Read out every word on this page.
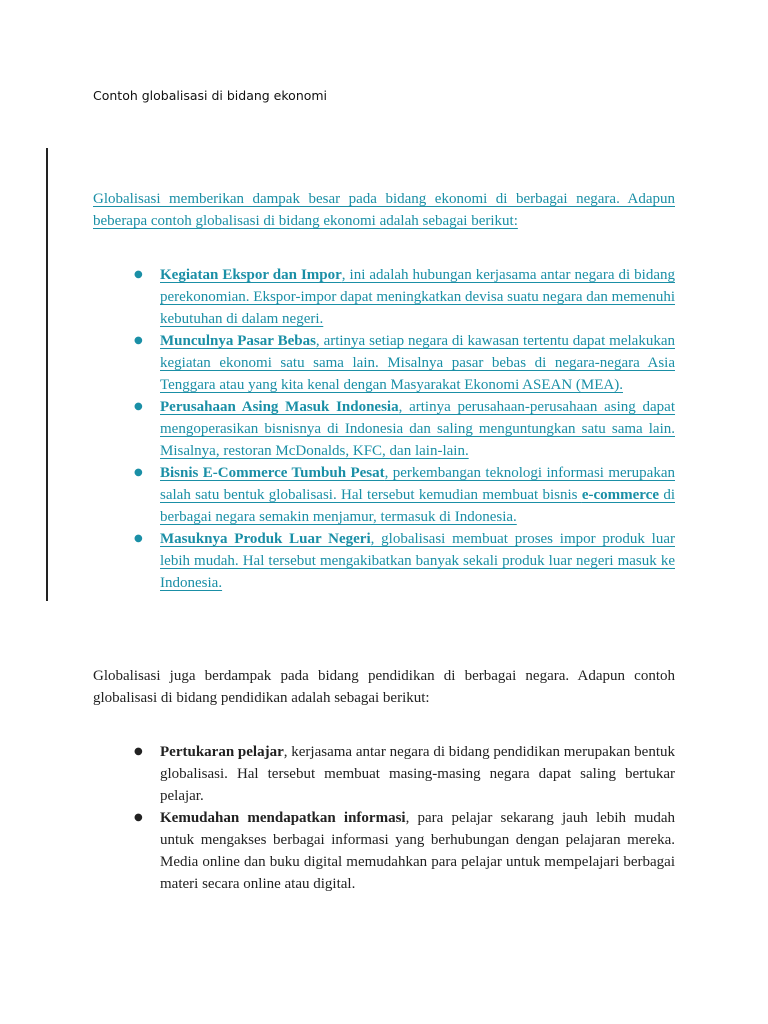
Contoh globalisasi di bidang ekonomi

Globalisasi memberikan dampak besar pada bidang ekonomi di berbagai negara. Adapun beberapa contoh globalisasi di bidang ekonomi adalah sebagai berikut:

● Kegiatan Ekspor dan Impor, ini adalah hubungan kerjasama antar negara di bidang perekonomian. Ekspor-impor dapat meningkatkan devisa suatu negara dan memenuhi kebutuhan di dalam negeri.
● Munculnya Pasar Bebas, artinya setiap negara di kawasan tertentu dapat melakukan kegiatan ekonomi satu sama lain. Misalnya pasar bebas di negara-negara Asia Tenggara atau yang kita kenal dengan Masyarakat Ekonomi ASEAN (MEA).
● Perusahaan Asing Masuk Indonesia, artinya perusahaan-perusahaan asing dapat mengoperasikan bisnisnya di Indonesia dan saling menguntungkan satu sama lain. Misalnya, restoran McDonalds, KFC, dan lain-lain.
● Bisnis E-Commerce Tumbuh Pesat, perkembangan teknologi informasi merupakan salah satu bentuk globalisasi. Hal tersebut kemudian membuat bisnis e-commerce di berbagai negara semakin menjamur, termasuk di Indonesia.
● Masuknya Produk Luar Negeri, globalisasi membuat proses impor produk luar lebih mudah. Hal tersebut mengakibatkan banyak sekali produk luar negeri masuk ke Indonesia.

Globalisasi juga berdampak pada bidang pendidikan di berbagai negara. Adapun contoh globalisasi di bidang pendidikan adalah sebagai berikut:

● Pertukaran pelajar, kerjasama antar negara di bidang pendidikan merupakan bentuk globalisasi. Hal tersebut membuat masing-masing negara dapat saling bertukar pelajar.
● Kemudahan mendapatkan informasi, para pelajar sekarang jauh lebih mudah untuk mengakses berbagai informasi yang berhubungan dengan pelajaran mereka. Media online dan buku digital memudahkan para pelajar untuk mempelajari berbagai materi secara online atau digital.
